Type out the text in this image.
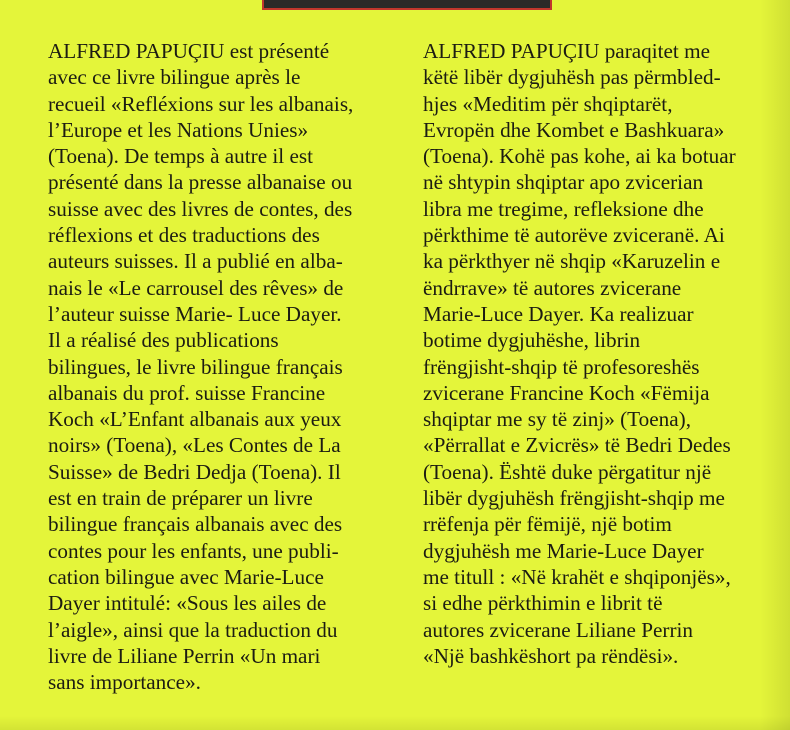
ALFRED PAPUÇIU est présenté
avec ce livre bilingue après le
recueil «Refléxions sur les albanais,
l’Europe et les Nations Unies»
(Toena). De temps à autre il est
présenté dans la presse albanaise ou
suisse avec des livres de contes, des
réflexions et des traductions des
auteurs suisses. Il a publié en alba-
nais le «Le carrousel des rêves» de
l’auteur suisse Marie- Luce Dayer.
Il a réalisé des publications
bilingues, le livre bilingue français
albanais du prof. suisse Francine
Koch «L’Enfant albanais aux yeux
noirs» (Toena), «Les Contes de La
Suisse» de Bedri Dedja (Toena). Il
est en train de préparer un livre
bilingue français albanais avec des
contes pour les enfants, une publi-
cation bilingue avec Marie-Luce
Dayer intitulé: «Sous les ailes de
l’aigle», ainsi que la traduction du
livre de Liliane Perrin «Un mari
sans importance».
ALFRED PAPUÇIU paraqitet me
këtë libër dygjuhësh pas përmbled-
hjes «Meditim për shqiptarët,
Evropën dhe Kombet e Bashkuara»
(Toena). Kohë pas kohe, ai ka botuar
në shtypin shqiptar apo zvicerian
libra me tregime, refleksione dhe
përkthime të autorëve zviceranë. Ai
ka përkthyer në shqip «Karuzelin e
ëndrrave» të autores zvicerane
Marie-Luce Dayer. Ka realizuar
botime dygjuhëshe, librin
frëngjisht-shqip të profesoreshës
zvicerane Francine Koch «Fëmija
shqiptar me sy të zinj» (Toena),
«Përrallat e Zvicrës» të Bedri Dedes
(Toena). Është duke përgatitur një
libër dygjuhësh frëngjisht-shqip me
rrëfenja për fëmijë, një botim
dygjuhësh me Marie-Luce Dayer
me titull : «Në krahët e shqiponjës»,
si edhe përkthimin e librit të
autores zvicerane Liliane Perrin
«Një bashkëshort pa rëndësi».
